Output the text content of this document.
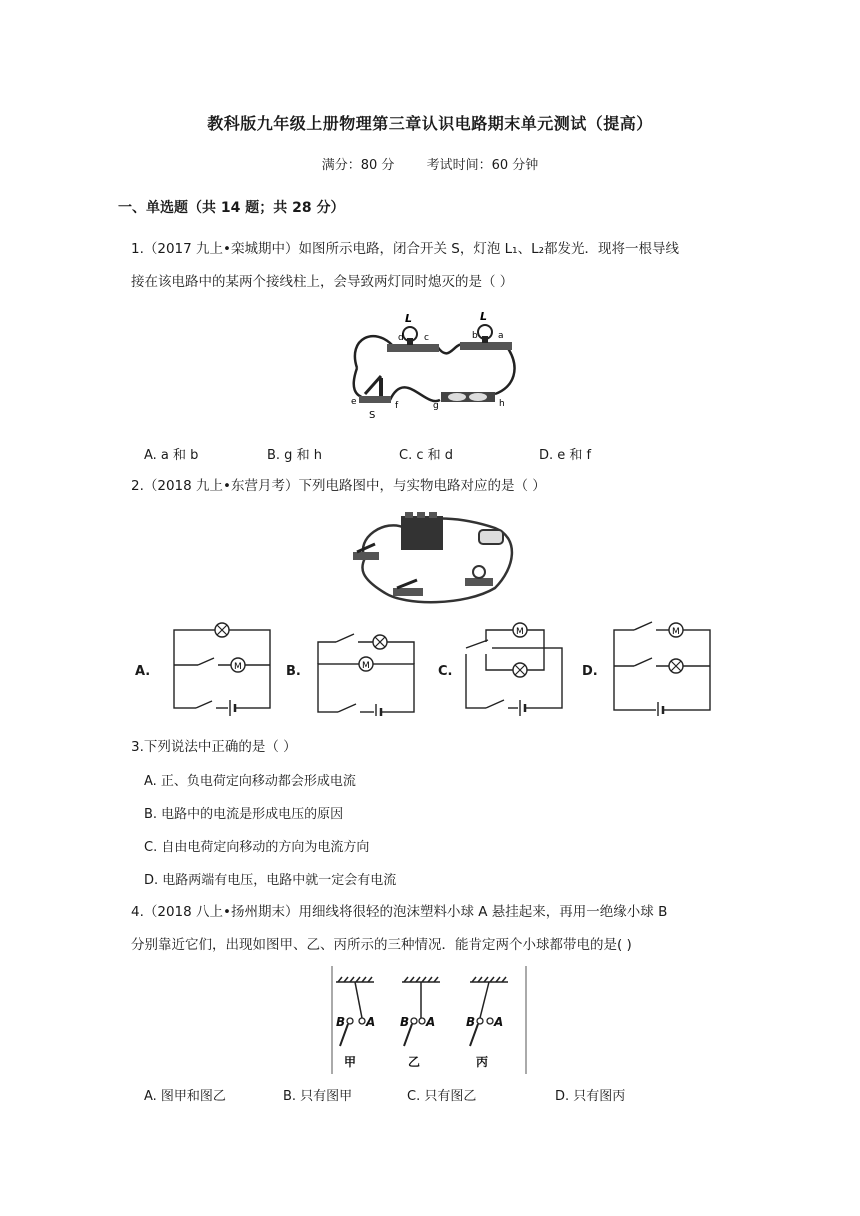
教科版九年级上册物理第三章认识电路期末单元测试（提高）
满分：80 分 考试时间：60 分钟
一、单选题（共 14 题；共 28 分）
1.（2017 九上•栾城期中）如图所示电路，闭合开关 S，灯泡 L₁、L₂都发光．现将一根导线
接在该电路中的某两个接线柱上，会导致两灯同时熄灭的是（ ）
L	L
d c	b a
e
S
f	g	h
A. a 和 b	B. g 和 h	C. c 和 d	D. e 和 f
2.（2018 九上•东营月考）下列电路图中，与实物电路对应的是（ ）
A.	M	B.	M	C.
M
D.
M
3.下列说法中正确的是（ ）
A. 正、负电荷定向移动都会形成电流
B. 电路中的电流是形成电压的原因
C. 自由电荷定向移动的方向为电流方向
D. 电路两端有电压，电路中就一定会有电流
4.（2018 八上•扬州期末）用细线将很轻的泡沫塑料小球 A 悬挂起来，再用一绝缘小球 B
分别靠近它们，出现如图甲、乙、丙所示的三种情况．能肯定两个小球都带电的是( )
B A B A	B A
甲	乙	丙
A. 图甲和图乙	B. 只有图甲	C. 只有图乙	D. 只有图丙
